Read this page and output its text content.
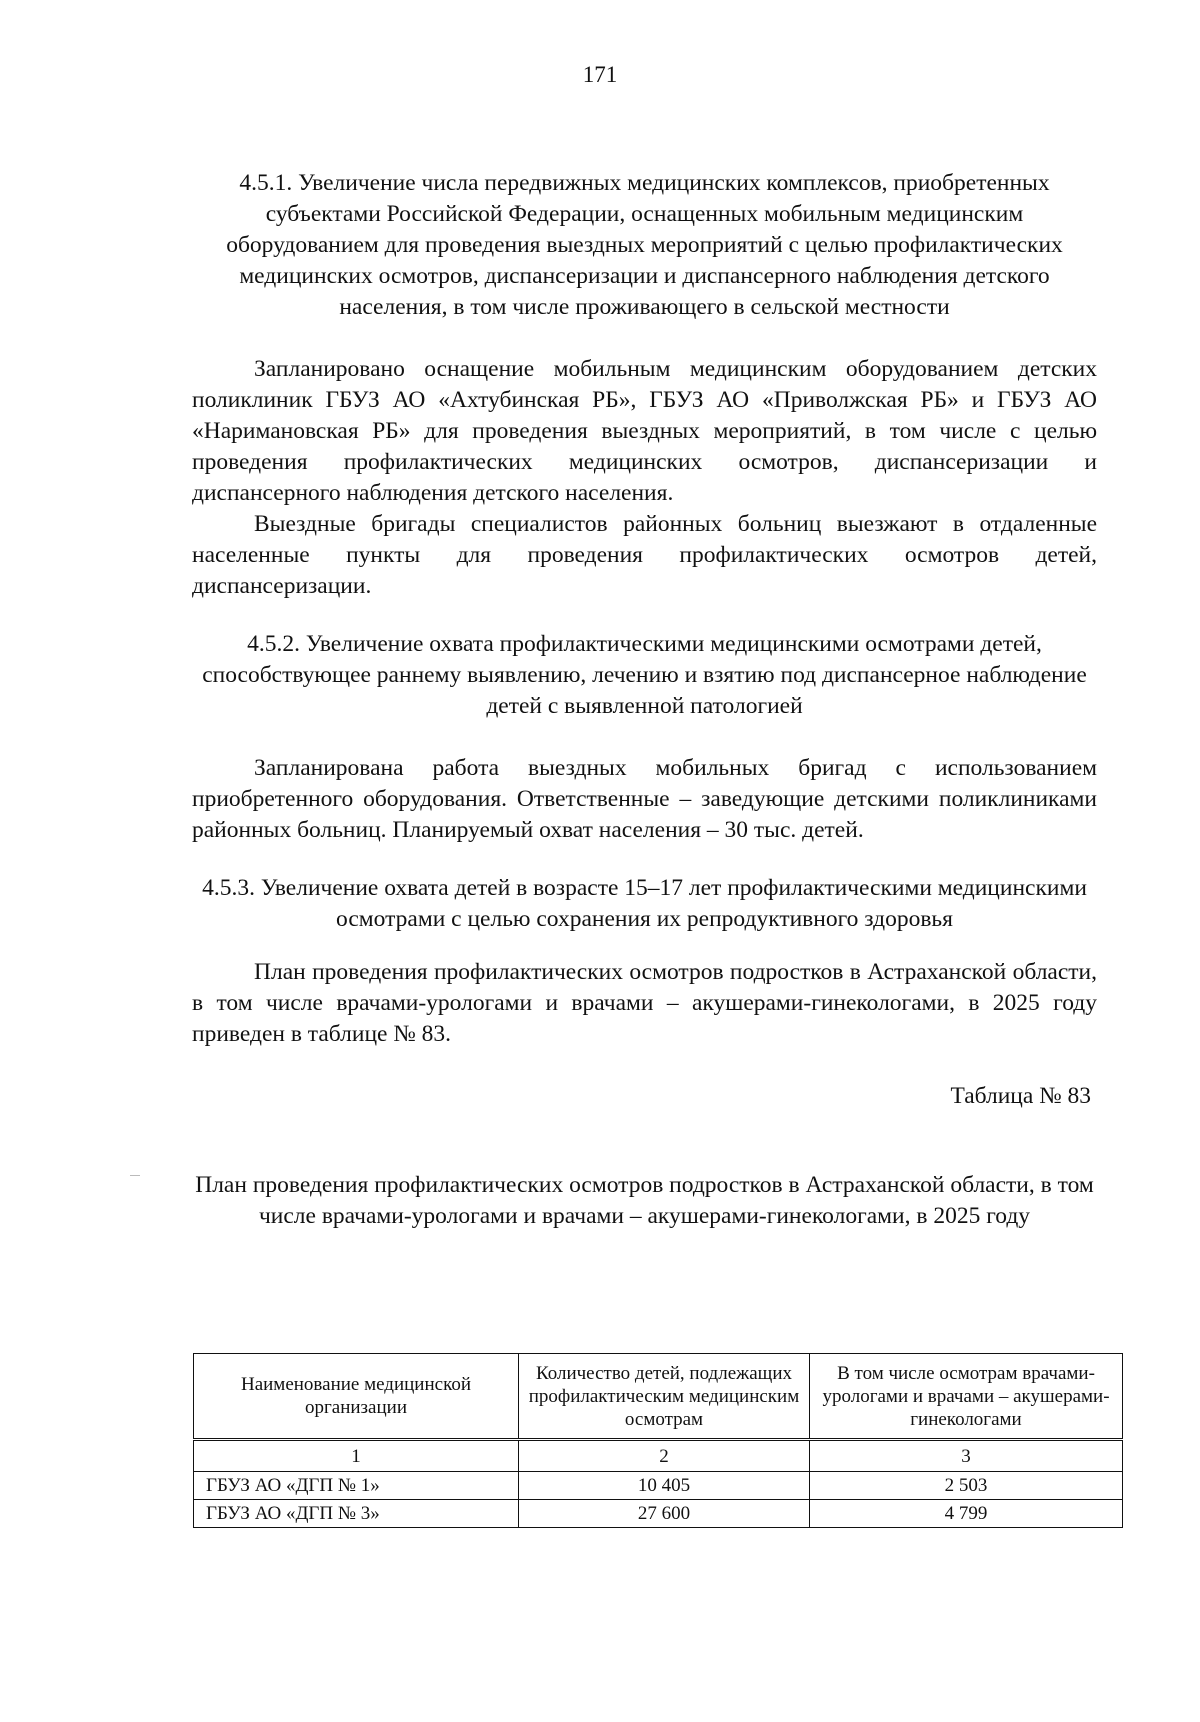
171

4.5.1. Увеличение числа передвижных медицинских комплексов, приобретенных субъектами Российской Федерации, оснащенных мобильным медицинским оборудованием для проведения выездных мероприятий с целью профилактических медицинских осмотров, диспансеризации и диспансерного наблюдения детского населения, в том числе проживающего в сельской местности

Запланировано оснащение мобильным медицинским оборудованием детских поликлиник ГБУЗ АО «Ахтубинская РБ», ГБУЗ АО «Приволжская РБ» и ГБУЗ АО «Наримановская РБ» для проведения выездных мероприятий, в том числе с целью проведения профилактических медицинских осмотров, диспансеризации и диспансерного наблюдения детского населения.

Выездные бригады специалистов районных больниц выезжают в отдаленные населенные пункты для проведения профилактических осмотров детей, диспансеризации.

4.5.2. Увеличение охвата профилактическими медицинскими осмотрами детей, способствующее раннему выявлению, лечению и взятию под диспансерное наблюдение детей с выявленной патологией

Запланирована работа выездных мобильных бригад с использованием приобретенного оборудования. Ответственные – заведующие детскими поликлиниками районных больниц. Планируемый охват населения – 30 тыс. детей.

4.5.3. Увеличение охвата детей в возрасте 15–17 лет профилактическими медицинскими осмотрами с целью сохранения их репродуктивного здоровья

План проведения профилактических осмотров подростков в Астраханской области, в том числе врачами-урологами и врачами – акушерами-гинекологами, в 2025 году приведен в таблице № 83.

Таблица № 83

План проведения профилактических осмотров подростков в Астраханской области, в том числе врачами-урологами и врачами – акушерами-гинекологами, в 2025 году

Наименование медицинской организации	Количество детей, подлежащих профилактическим медицинским осмотрам	В том числе осмотрам врачами-урологами и врачами – акушерами-гинекологами
1	2	3
ГБУЗ АО «ДГП № 1»	10 405	2 503
ГБУЗ АО «ДГП № 3»	27 600	4 799
